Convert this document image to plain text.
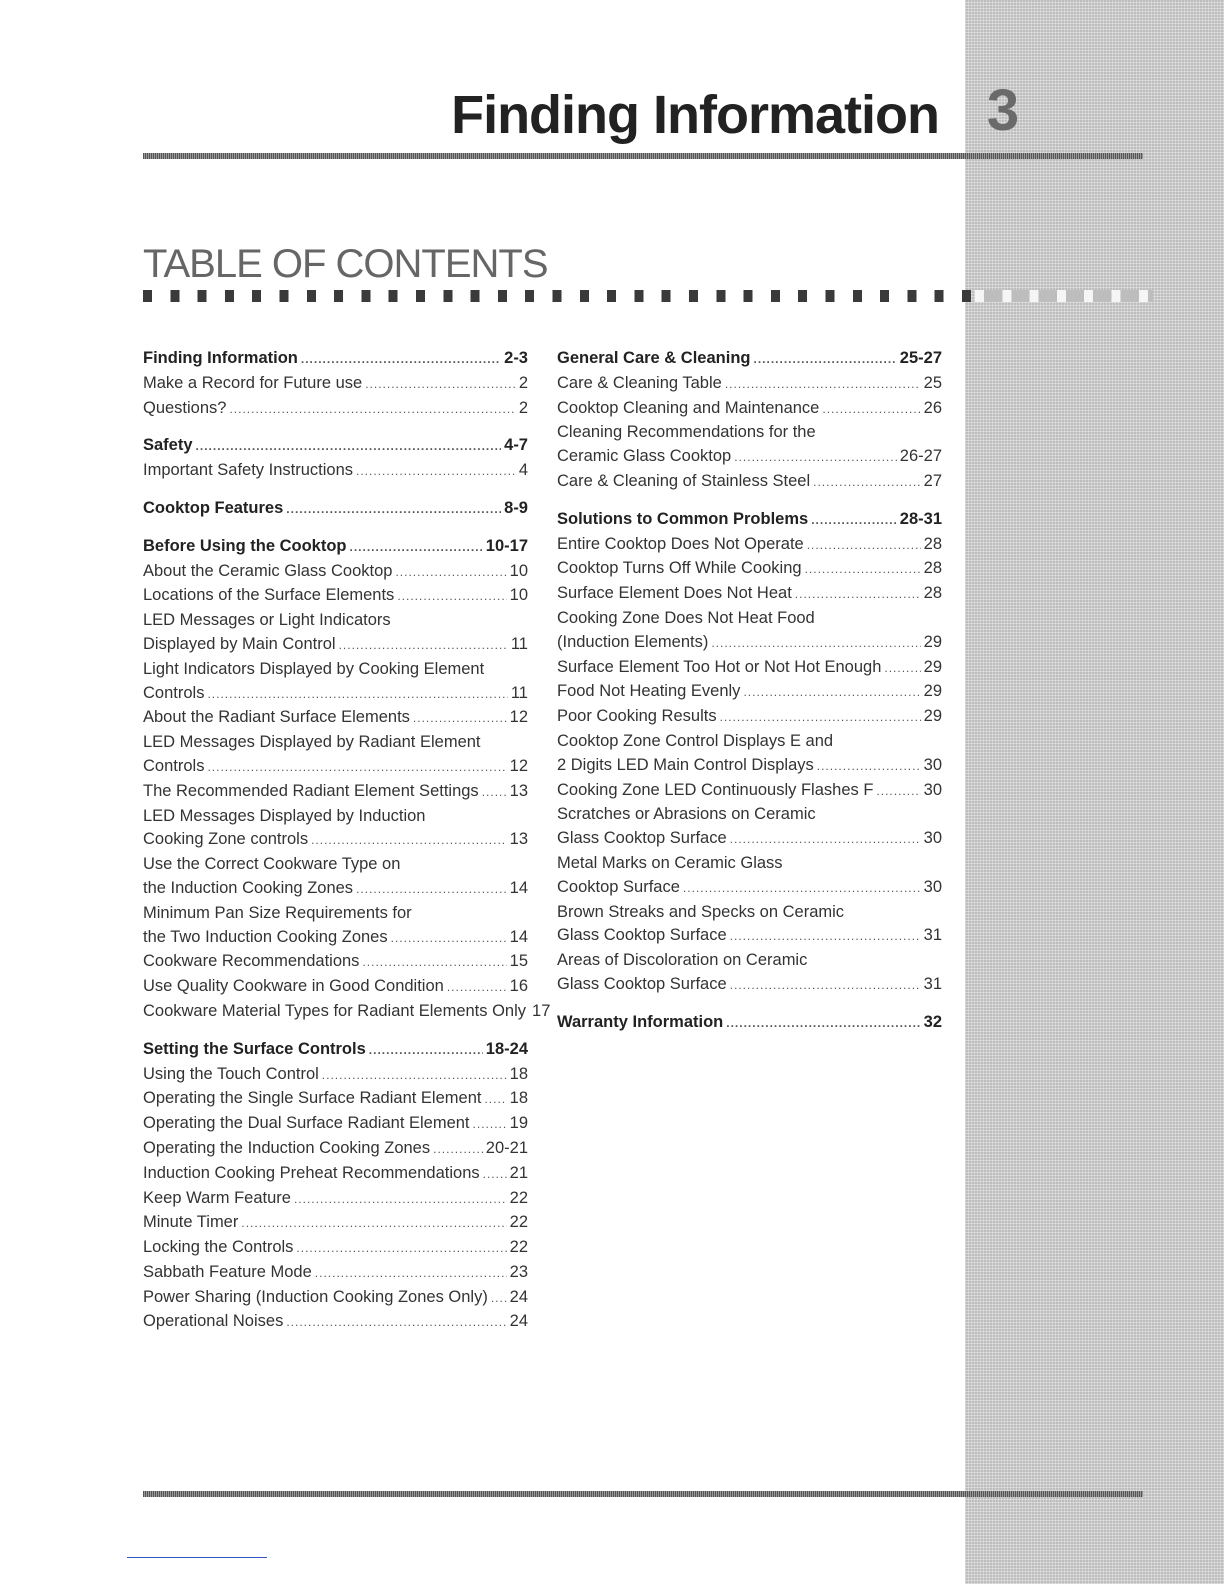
Finding Information 3
TABLE OF CONTENTS
Finding Information .....	2-3
Make a Record for Future use .....	2
Questions? .....	2
Safety .....	4-7
Important Safety Instructions .....	4
Cooktop Features .....	8-9
Before Using the Cooktop .....	10-17
About the Ceramic Glass Cooktop .....	10
Locations of the Surface Elements .....	10
LED Messages or Light Indicators
Displayed by Main Control .....	11
Light Indicators Displayed by Cooking Element
Controls .....	11
About the Radiant Surface Elements .....	12
LED Messages Displayed by Radiant Element
Controls .....	12
The Recommended Radiant Element Settings ..... 13
LED Messages Displayed by Induction
Cooking Zone controls .....	13
Use the Correct Cookware Type on
the Induction Cooking Zones .....	14
Minimum Pan Size Requirements for
the Two Induction Cooking Zones .....	14
Cookware Recommendations .....	15
Use Quality Cookware in Good Condition .....	16
Cookware Material Types for Radiant Elements Only 17
Setting the Surface Controls .....	18-24
Using the Touch Control .....	18
Operating the Single Surface Radiant Element ..... 18
Operating the Dual Surface Radiant Element ..... 19
Operating the Induction Cooking Zones .....	20-21
Induction Cooking Preheat Recommendations ..... 21
Keep Warm Feature .....	22
Minute Timer .....	22
Locking the Controls .....	22
Sabbath Feature Mode .....	23
Power Sharing (Induction Cooking Zones Only) ..... 24
Operational Noises .....	24
General Care & Cleaning .....	25-27
Care & Cleaning Table .....	25
Cooktop Cleaning and Maintenance .....	26
Cleaning Recommendations for the
Ceramic Glass Cooktop .....	26-27
Care & Cleaning of Stainless Steel .....	27
Solutions to Common Problems .....	28-31
Entire Cooktop Does Not Operate .....	28
Cooktop Turns Off While Cooking .....	28
Surface Element Does Not Heat .....	28
Cooking Zone Does Not Heat Food
(Induction Elements) .....	29
Surface Element Too Hot or Not Hot Enough .....	29
Food Not Heating Evenly .....	29
Poor Cooking Results .....	29
Cooktop Zone Control Displays E and
2 Digits LED Main Control Displays .....	30
Cooking Zone LED Continuously Flashes F .....	30
Scratches or Abrasions on Ceramic
Glass Cooktop Surface .....	30
Metal Marks on Ceramic Glass
Cooktop Surface .....	30
Brown Streaks and Specks on Ceramic
Glass Cooktop Surface .....	31
Areas of Discoloration on Ceramic
Glass Cooktop Surface .....	31
Warranty Information .....	32
